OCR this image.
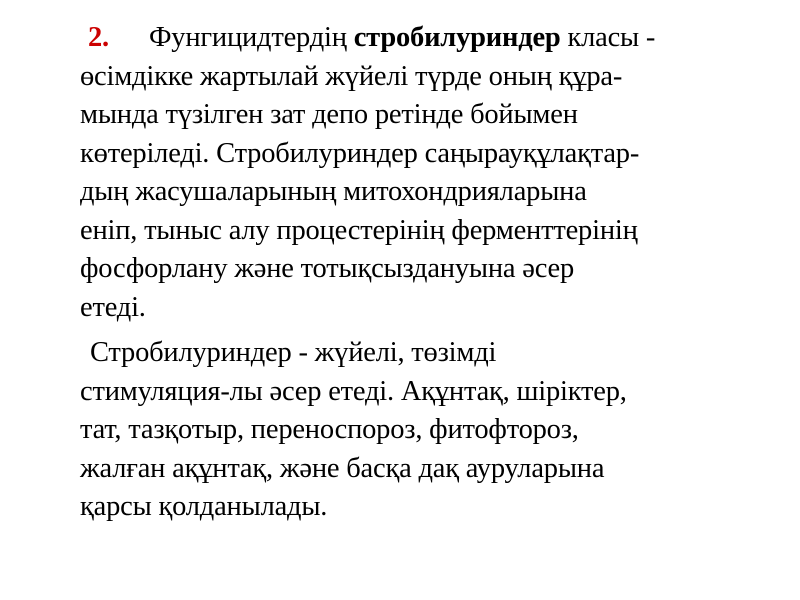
2. Фунгицидтердің стробилуриндер класы -
өсімдікке жартылай жүйелі түрде оның құра-
мында түзілген зат депо ретінде бойымен
көтеріледі. Стробилуриндер саңырауқұлақтар-
дың жасушаларының митохондрияларына
еніп, тыныс алу процестерінің ферменттерінің
фосфорлану және тотықсыздануына әсер
етеді.
Стробилуриндер - жүйелі, төзімді
стимуляция-лы әсер етеді. Ақұнтақ, шіріктер,
тат, тазқотыр, переноспороз, фитофтороз,
жалған ақұнтақ, және басқа дақ ауруларына
қарсы қолданылады.
